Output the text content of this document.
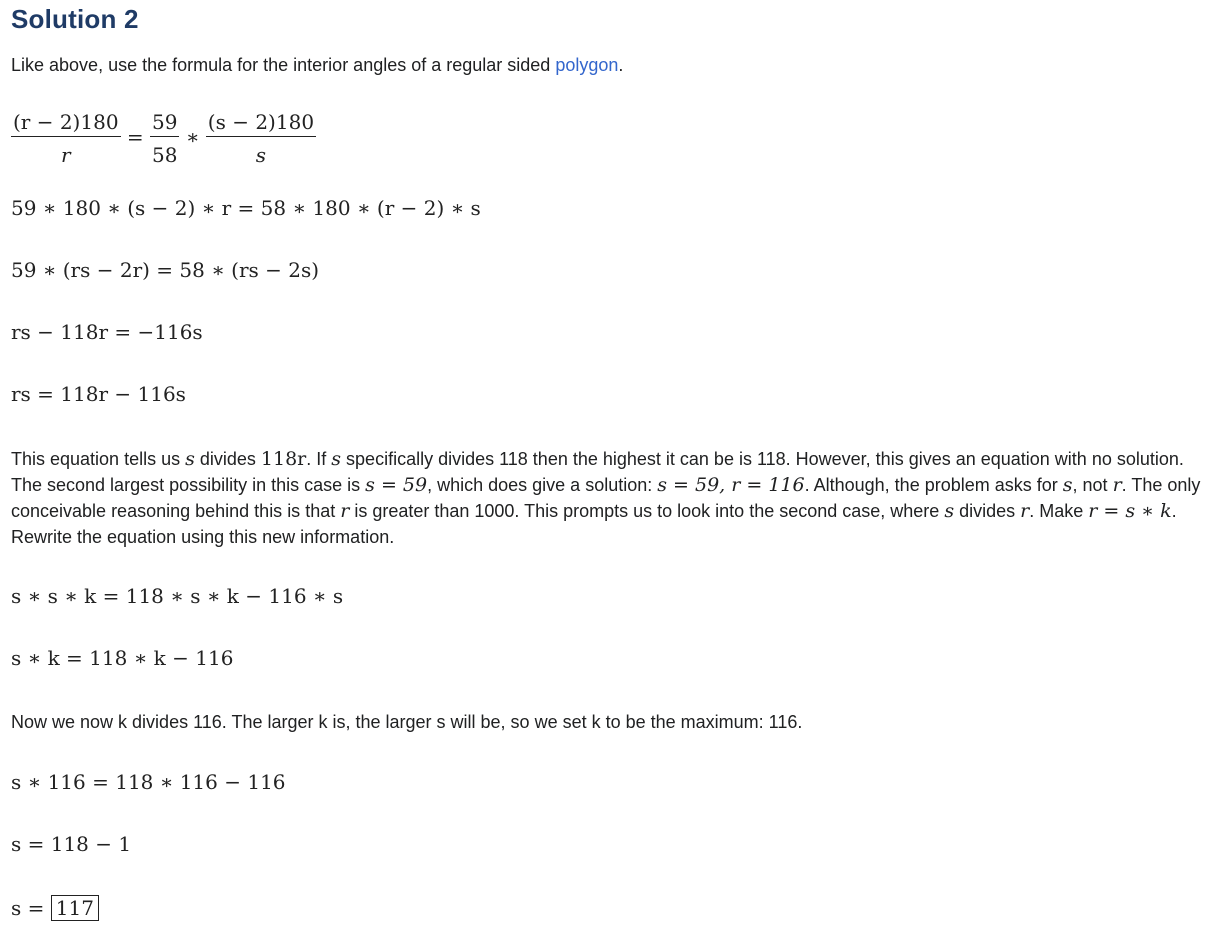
Solution 2

Like above, use the formula for the interior angles of a regular sided polygon.

$\frac{(r - 2)180}{r} = \frac{59}{58}$ ∗ $\frac{(s - 2)180}{s}$
59 ∗ 180 ∗ (s − 2) ∗ r = 58 ∗ 180 ∗ (r − 2) ∗ s
59 ∗ (rs − 2r) = 58 ∗ (rs − 2s)
rs − 118r = −116s
rs = 118r − 116s

This equation tells us s divides 118r. If s specifically divides 118 then the highest it can be is 118. However, this gives an equation with no solution. The second largest possibility in this case is s = 59, which does give a solution: s = 59, r = 116. Although, the problem asks for s, not r. The only conceivable reasoning behind this is that r is greater than 1000. This prompts us to look into the second case, where s divides r. Make r = s ∗ k. Rewrite the equation using this new information.

s ∗ s ∗ k = 118 ∗ s ∗ k − 116 ∗ s
s ∗ k = 118 ∗ k − 116

Now we now k divides 116. The larger k is, the larger s will be, so we set k to be the maximum: 116.

s ∗ 116 = 118 ∗ 116 − 116
s = 118 − 1
s = 117
